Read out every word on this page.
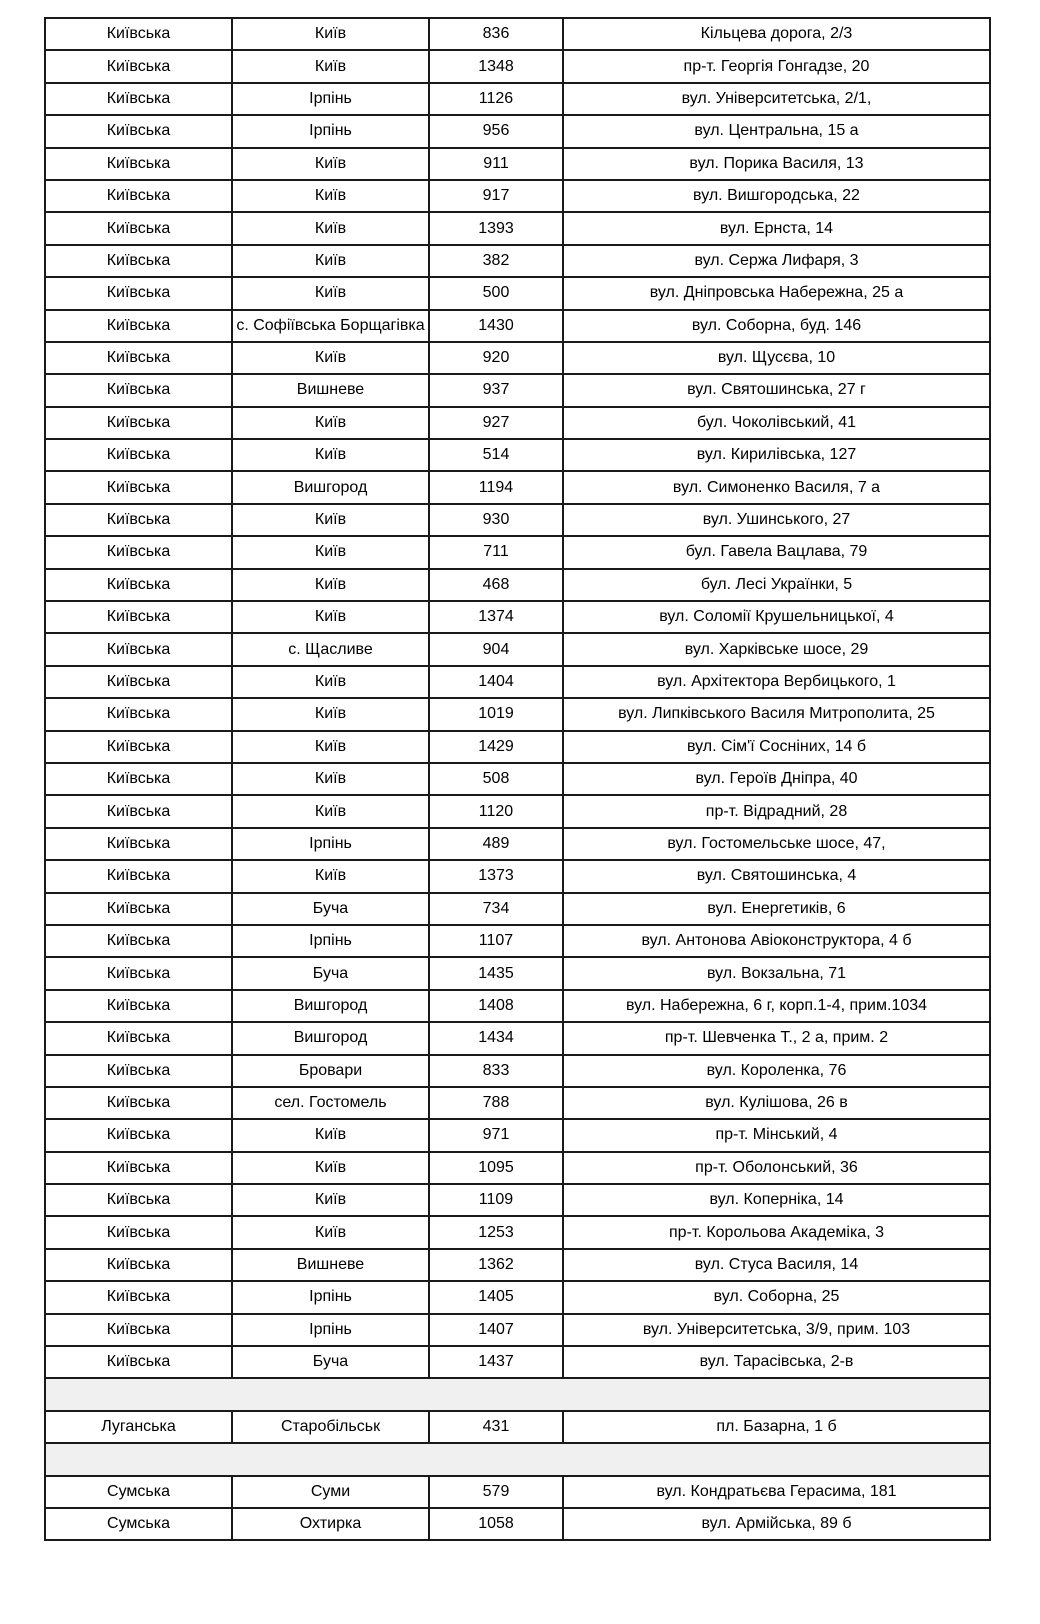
Київська	Київ	836	Кільцева дорога, 2/3
Київська	Київ	1348	пр-т. Георгія Гонгадзе, 20
Київська	Ірпінь	1126	вул. Університетська, 2/1,
Київська	Ірпінь	956	вул. Центральна, 15 а
Київська	Київ	911	вул. Порика Василя, 13
Київська	Київ	917	вул. Вишгородська, 22
Київська	Київ	1393	вул. Ернста, 14
Київська	Київ	382	вул. Сержа Лифаря, 3
Київська	Київ	500	вул. Дніпровська Набережна, 25 а
Київська	с. Софіївська Борщагівка	1430	вул. Соборна, буд. 146
Київська	Київ	920	вул. Щусєва, 10
Київська	Вишневе	937	вул. Святошинська, 27 г
Київська	Київ	927	бул. Чоколівський, 41
Київська	Київ	514	вул. Кирилівська, 127
Київська	Вишгород	1194	вул. Симоненко Василя, 7 а
Київська	Київ	930	вул. Ушинського, 27
Київська	Київ	711	бул. Гавела Вацлава, 79
Київська	Київ	468	бул. Лесі Українки, 5
Київська	Київ	1374	вул. Соломії Крушельницької, 4
Київська	с. Щасливе	904	вул. Харківське шосе, 29
Київська	Київ	1404	вул. Архітектора Вербицького, 1
Київська	Київ	1019	вул. Липківського Василя Митрополита, 25
Київська	Київ	1429	вул. Сім'ї Сосніних, 14 б
Київська	Київ	508	вул. Героїв Дніпра, 40
Київська	Київ	1120	пр-т. Відрадний, 28
Київська	Ірпінь	489	вул. Гостомельське шосе, 47,
Київська	Київ	1373	вул. Святошинська, 4
Київська	Буча	734	вул. Енергетиків, 6
Київська	Ірпінь	1107	вул. Антонова Авіоконструктора, 4 б
Київська	Буча	1435	вул. Вокзальна, 71
Київська	Вишгород	1408	вул. Набережна, 6 г, корп.1-4, прим.1034
Київська	Вишгород	1434	пр-т. Шевченка Т., 2 а, прим. 2
Київська	Бровари	833	вул. Короленка, 76
Київська	сел. Гостомель	788	вул. Кулішова, 26 в
Київська	Київ	971	пр-т. Мінський, 4
Київська	Київ	1095	пр-т. Оболонський, 36
Київська	Київ	1109	вул. Коперніка, 14
Київська	Київ	1253	пр-т. Корольова Академіка, 3
Київська	Вишневе	1362	вул. Стуса Василя, 14
Київська	Ірпінь	1405	вул. Соборна, 25
Київська	Ірпінь	1407	вул. Університетська, 3/9, прим. 103
Київська	Буча	1437	вул. Тарасівська, 2-в

Луганська	Старобільськ	431	пл. Базарна, 1 б

Сумська	Суми	579	вул. Кондратьєва Герасима, 181
Сумська	Охтирка	1058	вул. Армійська, 89 б
